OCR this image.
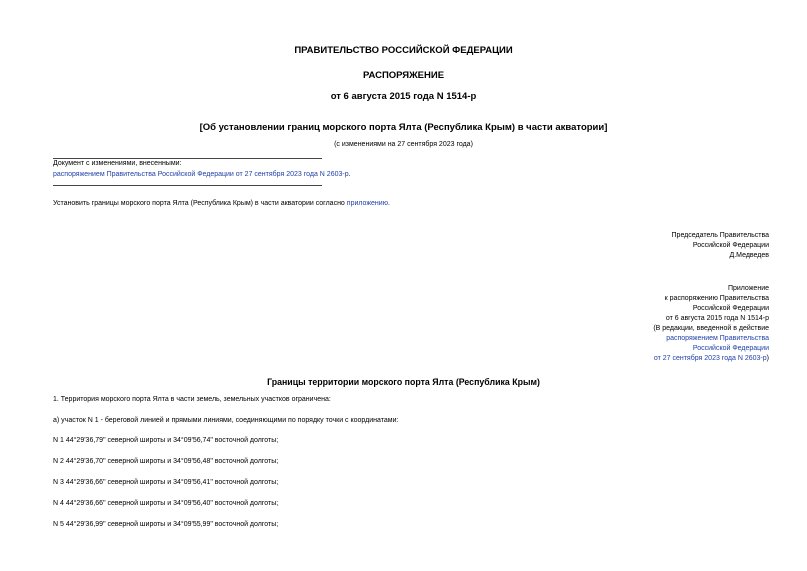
ПРАВИТЕЛЬСТВО РОССИЙСКОЙ ФЕДЕРАЦИИ
РАСПОРЯЖЕНИЕ
от 6 августа 2015 года N 1514-р
[Об установлении границ морского порта Ялта (Республика Крым) в части акватории]
(с изменениями на 27 сентября 2023 года)
Документ с изменениями, внесенными:
распоряжением Правительства Российской Федерации от 27 сентября 2023 года N 2603-р.
Установить границы морского порта Ялта (Республика Крым) в части акватории согласно приложению.
Председатель Правительства
Российской Федерации
Д.Медведев
Приложение
к распоряжению Правительства
Российской Федерации
от 6 августа 2015 года N 1514-р
(В редакции, введенной в действие
распоряжением Правительства
Российской Федерации
от 27 сентября 2023 года N 2603-р)
Границы территории морского порта Ялта (Республика Крым)
1. Территория морского порта Ялта в части земель, земельных участков ограничена:
а) участок N 1 - береговой линией и прямыми линиями, соединяющими по порядку точки с координатами:
N 1 44°29'36,79" северной широты и 34°09'56,74" восточной долготы;
N 2 44°29'36,70" северной широты и 34°09'56,48" восточной долготы;
N 3 44°29'36,66" северной широты и 34°09'56,41" восточной долготы;
N 4 44°29'36,66" северной широты и 34°09'56,40" восточной долготы;
N 5 44°29'36,99" северной широты и 34°09'55,99" восточной долготы;
